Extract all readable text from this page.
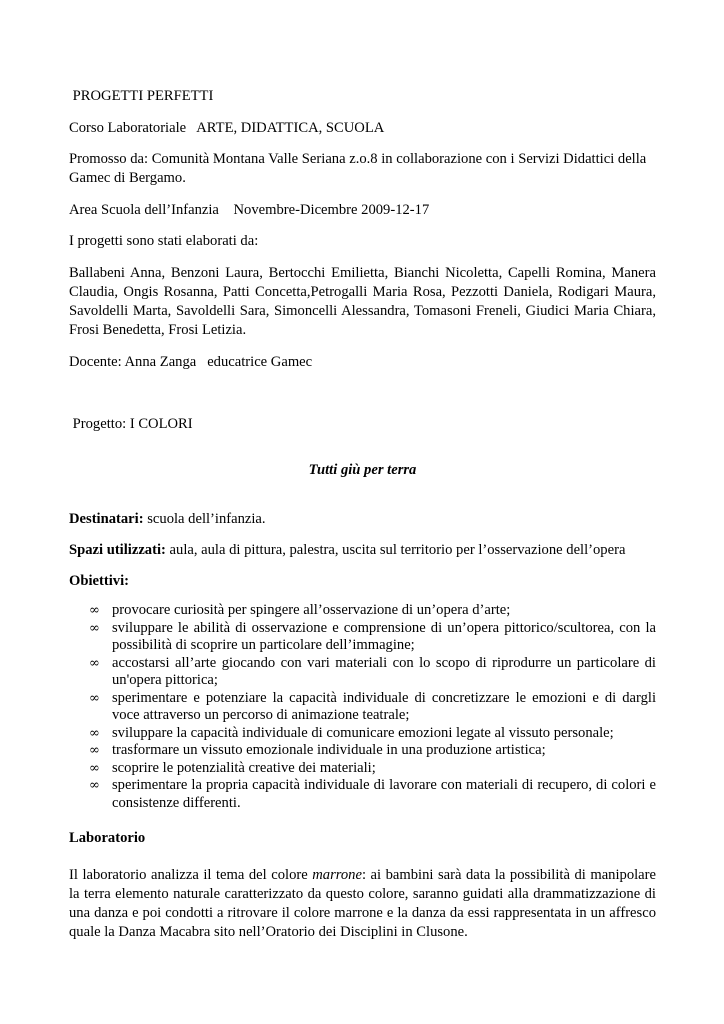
PROGETTI PERFETTI

Corso Laboratoriale ARTE, DIDATTICA, SCUOLA

Promosso da: Comunità Montana Valle Seriana z.o.8 in collaborazione con i Servizi Didattici della Gamec di Bergamo.

Area Scuola dell’Infanzia Novembre-Dicembre 2009-12-17

I progetti sono stati elaborati da:

Ballabeni Anna, Benzoni Laura, Bertocchi Emilietta, Bianchi Nicoletta, Capelli Romina, Manera Claudia, Ongis Rosanna, Patti Concetta,Petrogalli Maria Rosa, Pezzotti Daniela, Rodigari Maura, Savoldelli Marta, Savoldelli Sara, Simoncelli Alessandra, Tomasoni Freneli, Giudici Maria Chiara, Frosi Benedetta, Frosi Letizia.

Docente: Anna Zanga educatrice Gamec

Progetto: I COLORI

Tutti giù per terra

Destinatari: scuola dell’infanzia.

Spazi utilizzati: aula, aula di pittura, palestra, uscita sul territorio per l’osservazione dell’opera

Obiettivi:

∞ provocare curiosità per spingere all’osservazione di un’opera d’arte;
∞ sviluppare le abilità di osservazione e comprensione di un’opera pittorico/scultorea, con la possibilità di scoprire un particolare dell’immagine;
∞ accostarsi all’arte giocando con vari materiali con lo scopo di riprodurre un particolare di un'opera pittorica;
∞ sperimentare e potenziare la capacità individuale di concretizzare le emozioni e di dargli voce attraverso un percorso di animazione teatrale;
∞ sviluppare la capacità individuale di comunicare emozioni legate al vissuto personale;
∞ trasformare un vissuto emozionale individuale in una produzione artistica;
∞ scoprire le potenzialità creative dei materiali;
∞ sperimentare la propria capacità individuale di lavorare con materiali di recupero, di colori e consistenze differenti.

Laboratorio

Il laboratorio analizza il tema del colore marrone: ai bambini sarà data la possibilità di manipolare la terra elemento naturale caratterizzato da questo colore, saranno guidati alla drammatizzazione di una danza e poi condotti a ritrovare il colore marrone e la danza da essi rappresentata in un affresco quale la Danza Macabra sito nell’Oratorio dei Disciplini in Clusone.
